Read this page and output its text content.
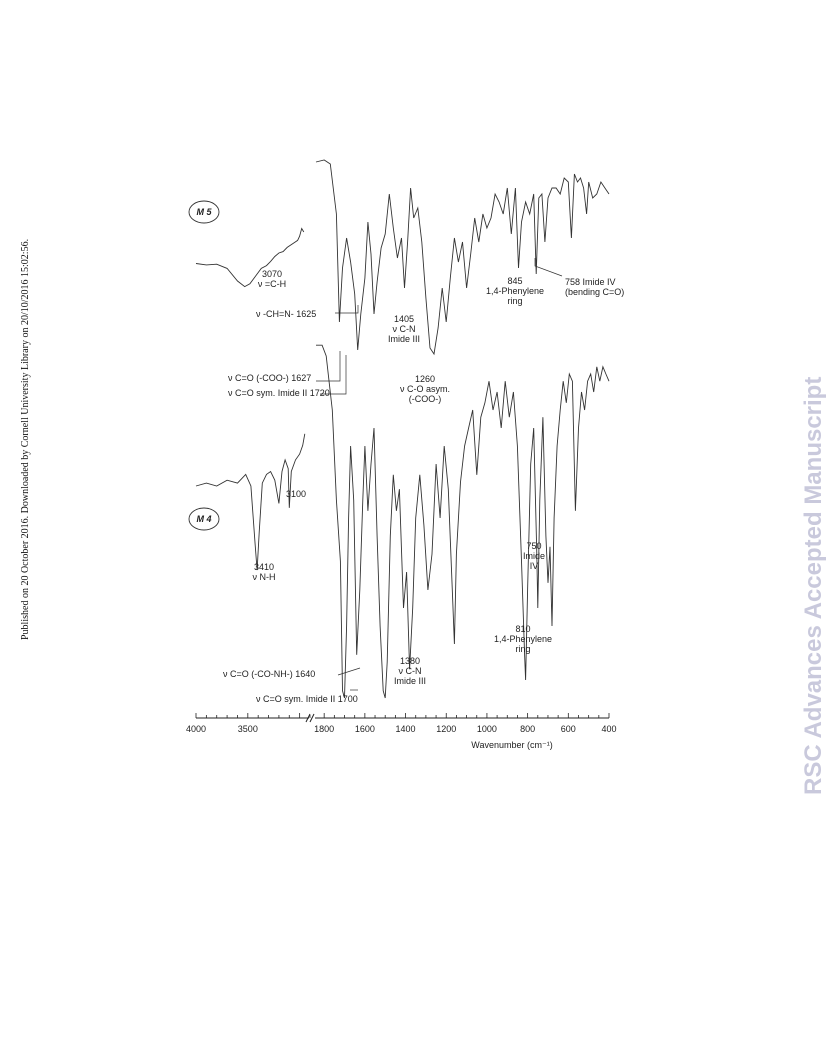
Published on 20 October 2016. Downloaded by Cornell University Library on 20/10/2016 15:02:56.	RSC Advances Accepted Manuscript
4000	3500	1800 1600 1400 1200 1000	800	600	400
Wavenumber (cm⁻¹)
M 5
M 4
3070 ν =C-H
ν -CH=N- 1625	1405 ν C-N Imide III
845 1,4-Phenylene ring
758 Imide IV (bending C=O)
ν C=O (-COO-) 1627
ν C=O sym. Imide II 1720
1260 ν C-O asym. (-COO-)
3100
3410 ν N-H
750 Imide IV
810 1,4-Phenylene ring
1380 ν C-N Imide III
ν C=O (-CO-NH-) 1640
ν C=O sym. Imide II 1700
